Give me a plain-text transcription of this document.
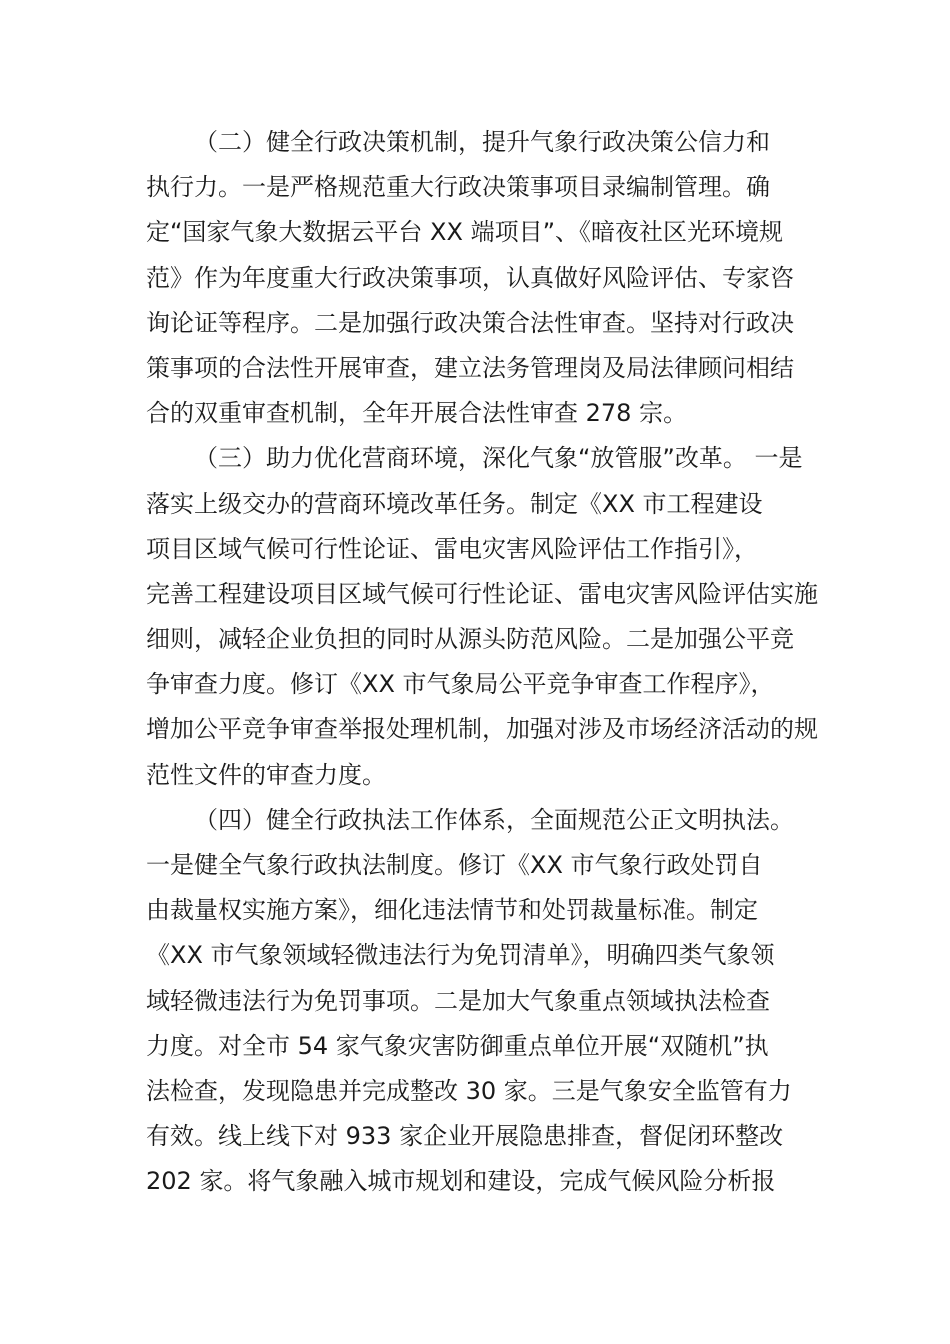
（二）健全行政决策机制，提升气象行政决策公信力和
执行力。一是严格规范重大行政决策事项目录编制管理。确
定“国家气象大数据云平台 XX 端项目”、《暗夜社区光环境规
范》作为年度重大行政决策事项，认真做好风险评估、专家咨
询论证等程序。二是加强行政决策合法性审查。坚持对行政决
策事项的合法性开展审查，建立法务管理岗及局法律顾问相结
合的双重审查机制，全年开展合法性审查 278 宗。
（三）助力优化营商环境，深化气象“放管服”改革。 一是
落实上级交办的营商环境改革任务。制定《XX 市工程建设
项目区域气候可行性论证、雷电灾害风险评估工作指引》，
完善工程建设项目区域气候可行性论证、雷电灾害风险评估实施
细则，减轻企业负担的同时从源头防范风险。二是加强公平竞
争审查力度。修订《XX 市气象局公平竞争审查工作程序》，
增加公平竞争审查举报处理机制，加强对涉及市场经济活动的规
范性文件的审查力度。
（四）健全行政执法工作体系，全面规范公正文明执法。
一是健全气象行政执法制度。修订《XX 市气象行政处罚自
由裁量权实施方案》，细化违法情节和处罚裁量标准。制定
《XX 市气象领域轻微违法行为免罚清单》，明确四类气象领
域轻微违法行为免罚事项。二是加大气象重点领域执法检查
力度。对全市 54 家气象灾害防御重点单位开展“双随机”执
法检查，发现隐患并完成整改 30 家。三是气象安全监管有力
有效。线上线下对 933 家企业开展隐患排查，督促闭环整改
202 家。将气象融入城市规划和建设，完成气候风险分析报
